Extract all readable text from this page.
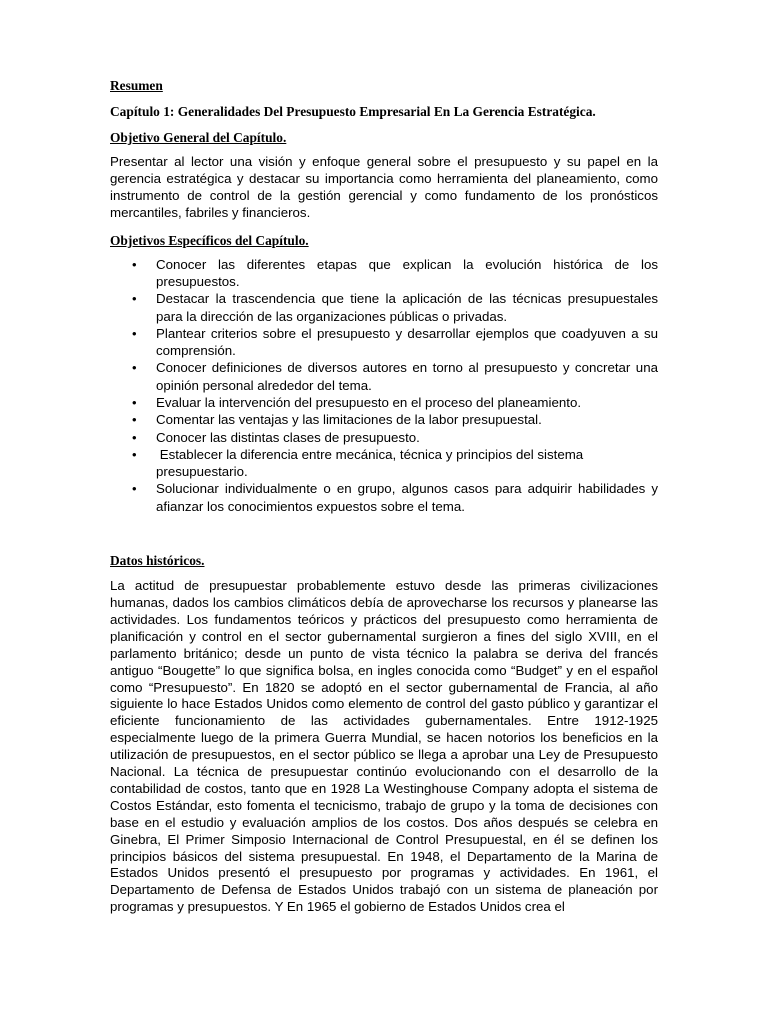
Resumen

Capítulo 1: Generalidades Del Presupuesto Empresarial En La Gerencia Estratégica.

Objetivo General del Capítulo.

Presentar al lector una visión y enfoque general sobre el presupuesto y su papel en la gerencia estratégica y destacar su importancia como herramienta del planeamiento, como instrumento de control de la gestión gerencial y como fundamento de los pronósticos mercantiles, fabriles y financieros.

Objetivos Específicos del Capítulo.

• Conocer las diferentes etapas que explican la evolución histórica de los presupuestos.
• Destacar la trascendencia que tiene la aplicación de las técnicas presupuestales para la dirección de las organizaciones públicas o privadas.
• Plantear criterios sobre el presupuesto y desarrollar ejemplos que coadyuven a su comprensión.
• Conocer definiciones de diversos autores en torno al presupuesto y concretar una opinión personal alrededor del tema.
• Evaluar la intervención del presupuesto en el proceso del planeamiento.
• Comentar las ventajas y las limitaciones de la labor presupuestal.
• Conocer las distintas clases de presupuesto.
• Establecer la diferencia entre mecánica, técnica y principios del sistema presupuestario.
• Solucionar individualmente o en grupo, algunos casos para adquirir habilidades y afianzar los conocimientos expuestos sobre el tema.

Datos históricos.

La actitud de presupuestar probablemente estuvo desde las primeras civilizaciones humanas, dados los cambios climáticos debía de aprovecharse los recursos y planearse las actividades. Los fundamentos teóricos y prácticos del presupuesto como herramienta de planificación y control en el sector gubernamental surgieron a fines del siglo XVIII, en el parlamento británico; desde un punto de vista técnico la palabra se deriva del francés antiguo “Bougette” lo que significa bolsa, en ingles conocida como “Budget” y en el español como “Presupuesto”. En 1820 se adoptó en el sector gubernamental de Francia, al año siguiente lo hace Estados Unidos como elemento de control del gasto público y garantizar el eficiente funcionamiento de las actividades gubernamentales. Entre 1912-1925 especialmente luego de la primera Guerra Mundial, se hacen notorios los beneficios en la utilización de presupuestos, en el sector público se llega a aprobar una Ley de Presupuesto Nacional. La técnica de presupuestar continúo evolucionando con el desarrollo de la contabilidad de costos, tanto que en 1928 La Westinghouse Company adopta el sistema de Costos Estándar, esto fomenta el tecnicismo, trabajo de grupo y la toma de decisiones con base en el estudio y evaluación amplios de los costos. Dos años después se celebra en Ginebra, El Primer Simposio Internacional de Control Presupuestal, en él se definen los principios básicos del sistema presupuestal. En 1948, el Departamento de la Marina de Estados Unidos presentó el presupuesto por programas y actividades. En 1961, el Departamento de Defensa de Estados Unidos trabajó con un sistema de planeación por programas y presupuestos. Y En 1965 el gobierno de Estados Unidos crea el
